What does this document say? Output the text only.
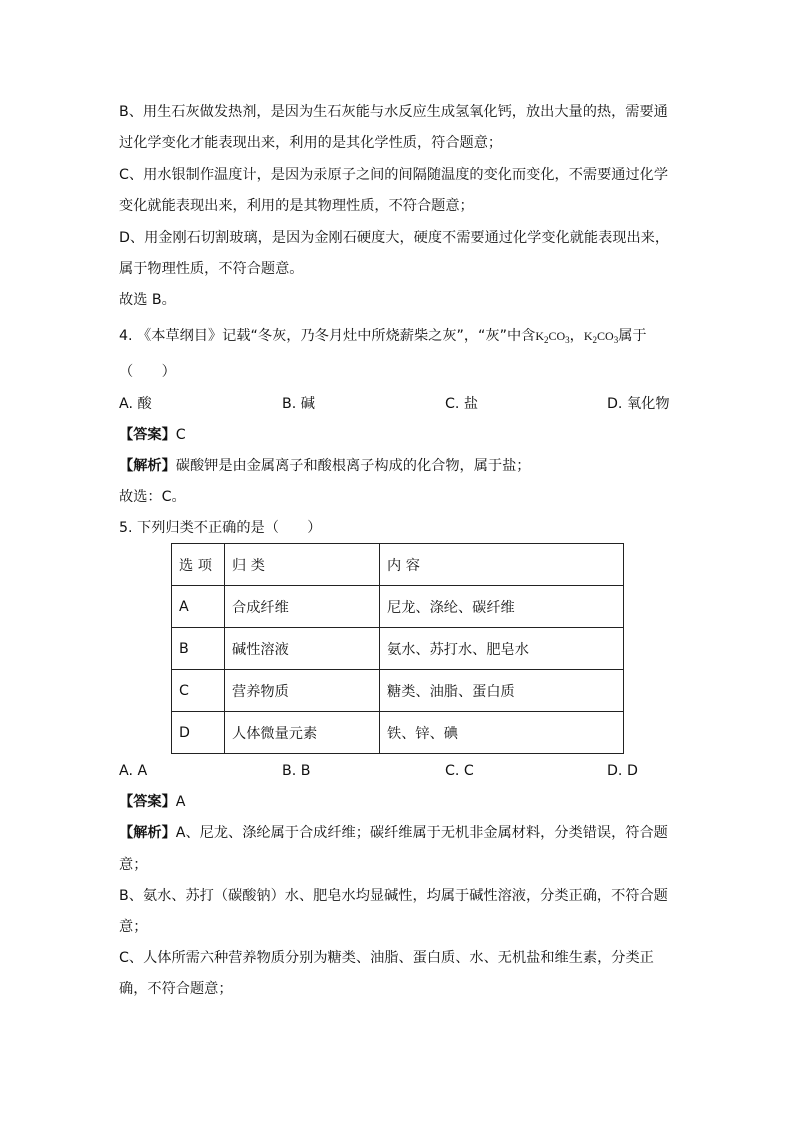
B、用生石灰做发热剂，是因为生石灰能与水反应生成氢氧化钙，放出大量的热，需要通
过化学变化才能表现出来，利用的是其化学性质，符合题意；
C、用水银制作温度计，是因为汞原子之间的间隔随温度的变化而变化，不需要通过化学
变化就能表现出来，利用的是其物理性质，不符合题意；
D、用金刚石切割玻璃，是因为金刚石硬度大，硬度不需要通过化学变化就能表现出来，
属于物理性质，不符合题意。
故选 B。
4. 《本草纲目》记载“冬灰，乃冬月灶中所烧薪柴之灰”，“灰”中含$K_2CO_3$，$K_2CO_3$属于
（　　）
A. 酸	B. 碱	C. 盐	D. 氧化物
【答案】C
【解析】碳酸钾是由金属离子和酸根离子构成的化合物，属于盐；
故选：C。
5. 下列归类不正确的是（　　）
选 项	归 类	内 容
A	合成纤维	尼龙、涤纶、碳纤维
B	碱性溶液	氨水、苏打水、肥皂水
C	营养物质	糖类、油脂、蛋白质
D	人体微量元素	铁、锌、碘
A. A	B. B	C. C	D. D
【答案】A
【解析】A、尼龙、涤纶属于合成纤维；碳纤维属于无机非金属材料，分类错误，符合题
意；
B、氨水、苏打（碳酸钠）水、肥皂水均显碱性，均属于碱性溶液，分类正确，不符合题
意；
C、人体所需六种营养物质分别为糖类、油脂、蛋白质、水、无机盐和维生素，分类正
确，不符合题意；
